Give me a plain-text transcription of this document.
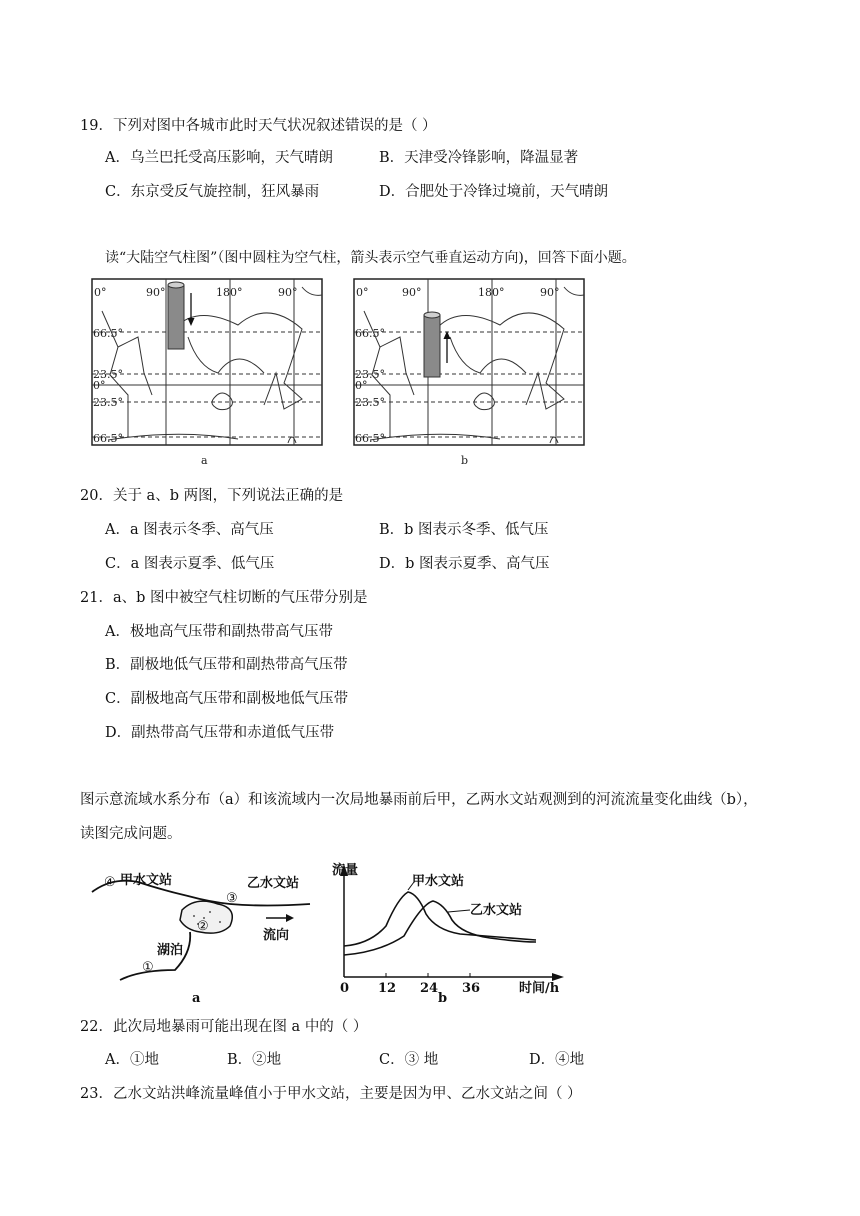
19．下列对图中各城市此时天气状况叙述错误的是（ ）
A．乌兰巴托受高压影响，天气晴朗	B．天津受冷锋影响，降温显著
C．东京受反气旋控制，狂风暴雨	D．合肥处于冷锋过境前，天气晴朗
读“大陆空气柱图”（图中圆柱为空气柱，箭头表示空气垂直运动方向)，回答下面小题。
0°	90°	180°	90°
66.5°
23.5°
0°
23.5°
66.5°
a
0°	90°	180°	90°
66.5°
23.5°
0°
23.5°
66.5°
b
20．关于 a、b 两图，下列说法正确的是
A．a 图表示冬季、高气压	B．b 图表示冬季、低气压
C．a 图表示夏季、低气压	D．b 图表示夏季、高气压
21．a、b 图中被空气柱切断的气压带分别是
A．极地高气压带和副热带高气压带
B．副极地低气压带和副热带高气压带
C．副极地高气压带和副极地低气压带
D．副热带高气压带和赤道低气压带
图示意流域水系分布（a）和该流域内一次局地暴雨前后甲，乙两水文站观测到的河流流量变化曲线（b），
读图完成问题。
④
①
②
③
甲水文站	乙水文站
湖泊
流向
a
流量
时间/h
0 12 24 36
甲水文站
乙水文站
b
22．此次局地暴雨可能出现在图 a 中的（ ）
A．①地	B．②地	C．③ 地	D．④地
23．乙水文站洪峰流量峰值小于甲水文站，主要是因为甲、乙水文站之间（ ）
